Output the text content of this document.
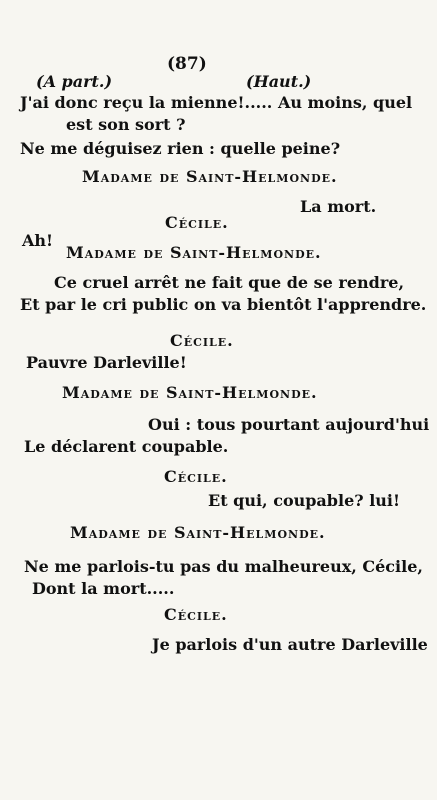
(87)
(A part.)	(Haut.)
J'ai donc reçu la mienne!..... Au moins, quel
est son sort ?
Ne me déguisez rien : quelle peine?
Madame de Saint-Helmonde.
La mort.
Cécile.
Ah!
Madame de Saint-Helmonde.
Ce cruel arrêt ne fait que de se rendre,
Et par le cri public on va bientôt l'apprendre.
Cécile.
Pauvre Darleville!
Madame de Saint-Helmonde.
Oui : tous pourtant aujourd'hui
Le déclarent coupable.
Cécile.
Et qui, coupable? lui!
Madame de Saint-Helmonde.
Ne me parlois-tu pas du malheureux, Cécile,
Dont la mort.....
Cécile.
Je parlois d'un autre Darleville
